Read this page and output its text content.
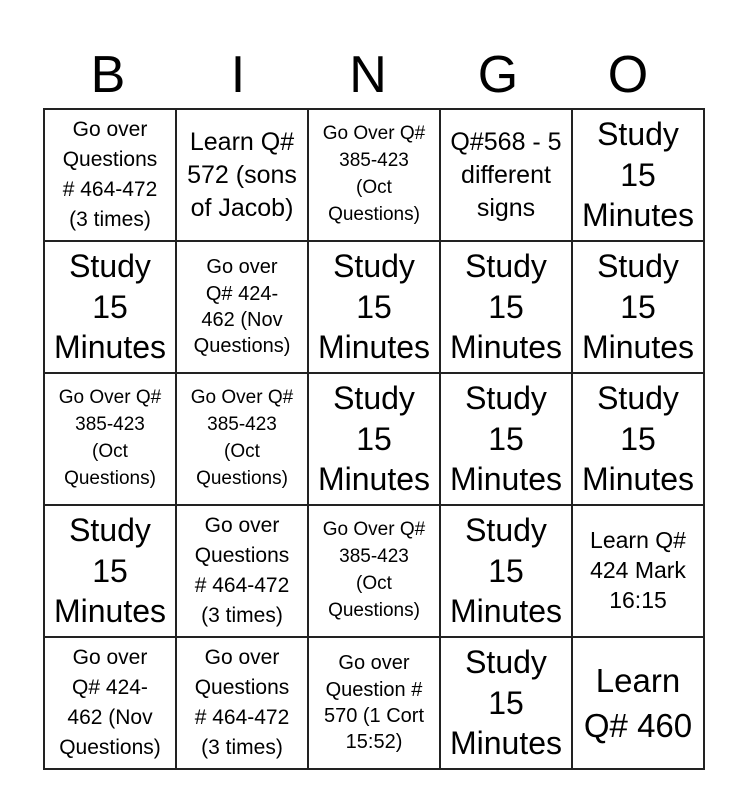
B	I	N	G	O
Go over
Questions
# 464-472
(3 times)	Learn Q#
572 (sons
of Jacob)	Go Over Q#
385-423
(Oct
Questions)	Q#568 - 5
different
signs	Study
15
Minutes

Study
15
Minutes	Go over
Q# 424-
462 (Nov
Questions)	Study
15
Minutes	Study
15
Minutes	Study
15
Minutes

Go Over Q#
385-423
(Oct
Questions)	Go Over Q#
385-423
(Oct
Questions)	Study
15
Minutes	Study
15
Minutes	Study
15
Minutes

Study
15
Minutes	Go over
Questions
# 464-472
(3 times)	Go Over Q#
385-423
(Oct
Questions)	Study
15
Minutes	Learn Q#
424 Mark
16:15

Go over
Q# 424-
462 (Nov
Questions)	Go over
Questions
# 464-472
(3 times)	Go over
Question #
570 (1 Cort
15:52)	Study
15
Minutes	Learn
Q# 460
